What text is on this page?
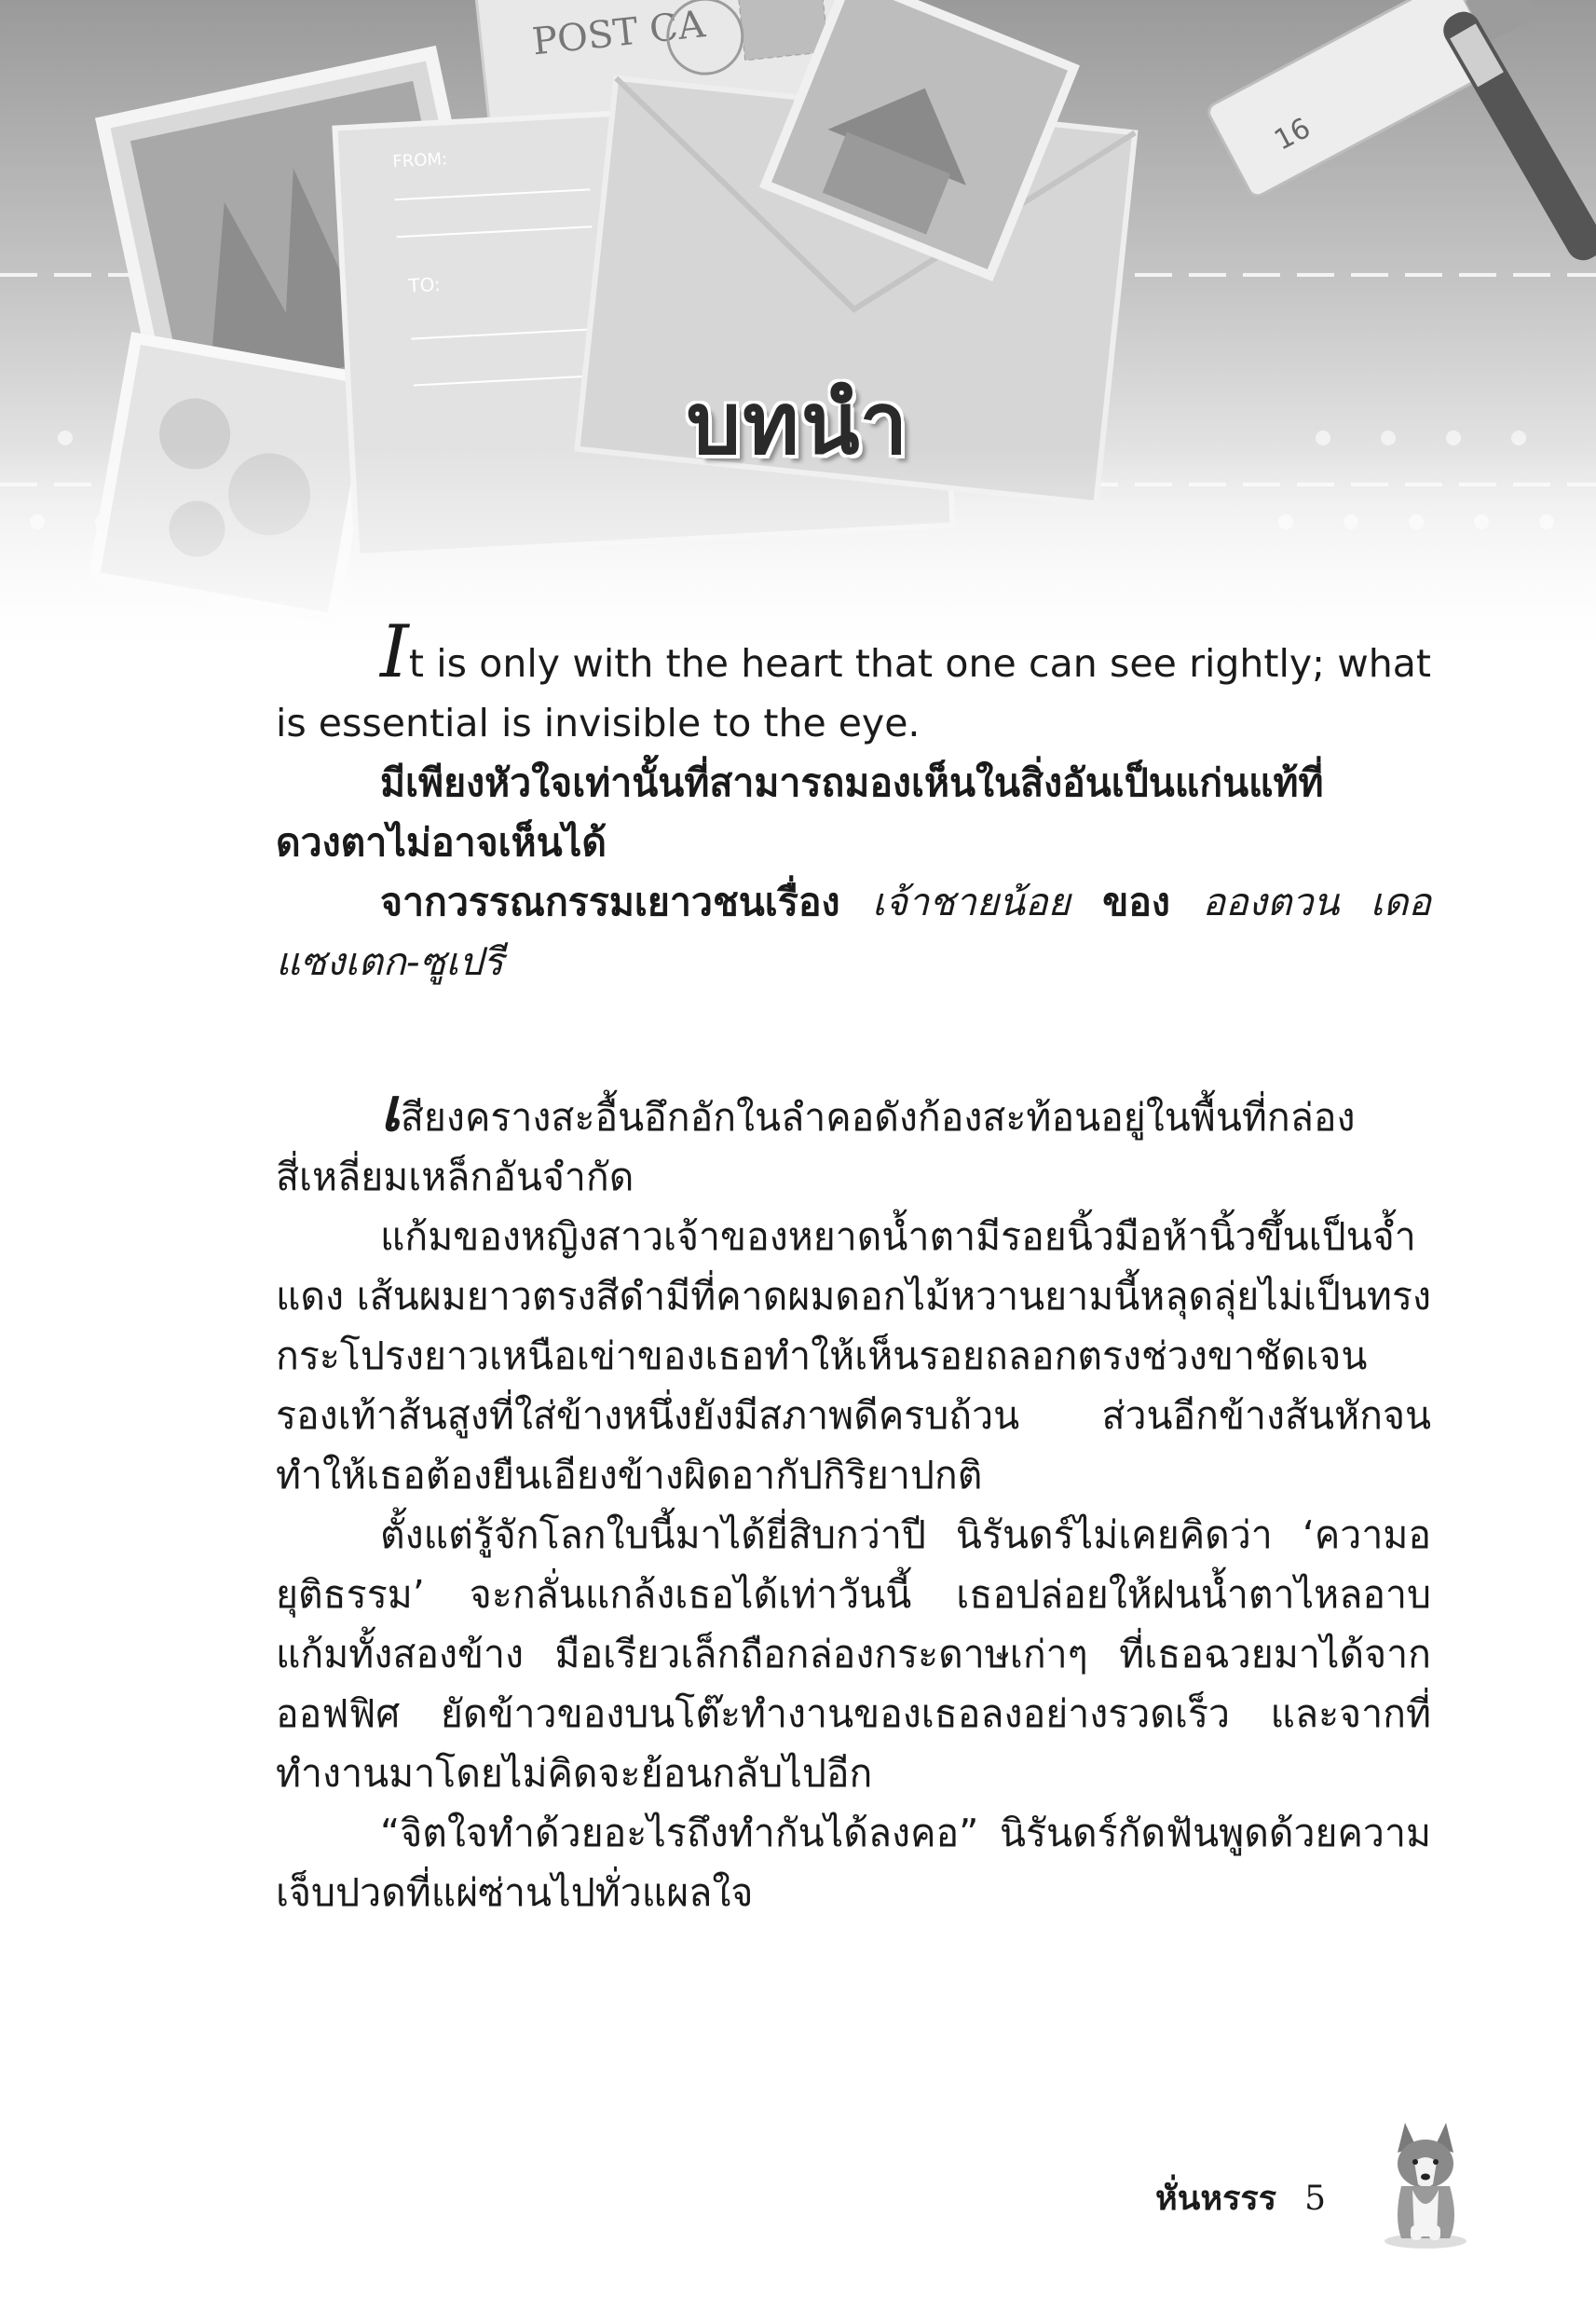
POST CA
FROM:
TO:
16
บทนำ

It is only with the heart that one can see rightly; what is essential is invisible to the eye.

มีเพียงหัวใจเท่านั้นที่สามารถมองเห็นในสิ่งอันเป็นแก่นแท้ที่ดวงตาไม่อาจเห็นได้

จากวรรณกรรมเยาวชนเรื่อง เจ้าชายน้อย ของ อองตวน เดอ แซงเตก-ซูเปรี

เสียงครางสะอื้นอึกอักในลำคอดังก้องสะท้อนอยู่ในพื้นที่กล่องสี่เหลี่ยมเหล็กอันจำกัด

แก้มของหญิงสาวเจ้าของหยาดน้ำตามีรอยนิ้วมือห้านิ้วขึ้นเป็นจ้ำแดง เส้นผมยาวตรงสีดำมีที่คาดผมดอกไม้หวานยามนี้หลุดลุ่ยไม่เป็นทรง กระโปรงยาวเหนือเข่าของเธอทำให้เห็นรอยถลอกตรงช่วงขาชัดเจน รองเท้าส้นสูงที่ใส่ข้างหนึ่งยังมีสภาพดีครบถ้วน ส่วนอีกข้างส้นหักจนทำให้เธอต้องยืนเอียงข้างผิดอากัปกิริยาปกติ

ตั้งแต่รู้จักโลกใบนี้มาได้ยี่สิบกว่าปี นิรันดร์ไม่เคยคิดว่า ‘ความอยุติธรรม’ จะกลั่นแกล้งเธอได้เท่าวันนี้ เธอปล่อยให้ฝนน้ำตาไหลอาบแก้มทั้งสองข้าง มือเรียวเล็กถือกล่องกระดาษเก่าๆ ที่เธอฉวยมาได้จากออฟฟิศ ยัดข้าวของบนโต๊ะทำงานของเธอลงอย่างรวดเร็ว และจากที่ทำงานมาโดยไม่คิดจะย้อนกลับไปอีก

“จิตใจทำด้วยอะไรถึงทำกันได้ลงคอ” นิรันดร์กัดฟันพูดด้วยความเจ็บปวดที่แผ่ซ่านไปทั่วแผลใจ

หั่นหรรร 5
